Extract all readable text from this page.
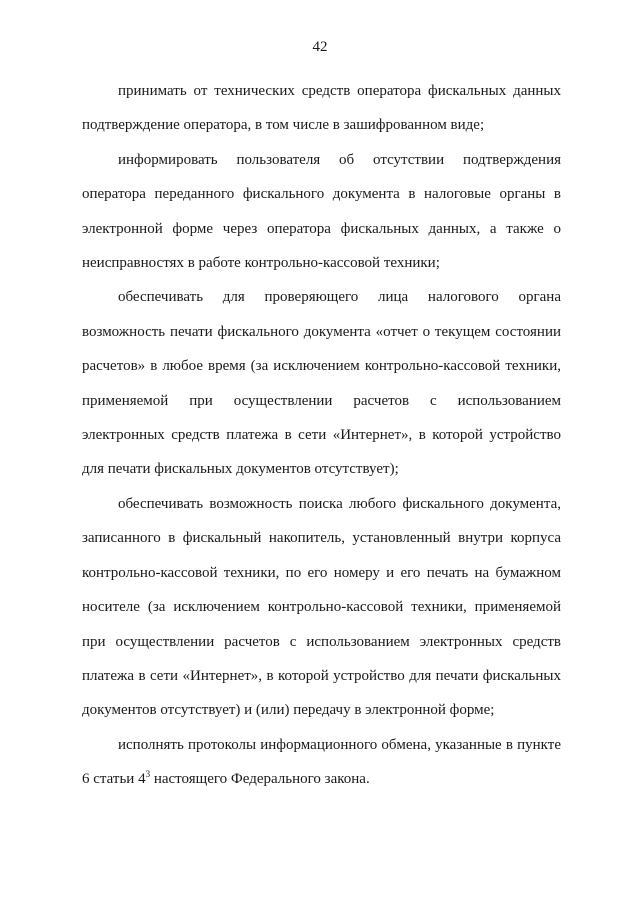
42

принимать от технических средств оператора фискальных данных подтверждение оператора, в том числе в зашифрованном виде;

информировать пользователя об отсутствии подтверждения оператора переданного фискального документа в налоговые органы в электронной форме через оператора фискальных данных, а также о неисправностях в работе контрольно-кассовой техники;

обеспечивать для проверяющего лица налогового органа возможность печати фискального документа «отчет о текущем состоянии расчетов» в любое время (за исключением контрольно-кассовой техники, применяемой при осуществлении расчетов с использованием электронных средств платежа в сети «Интернет», в которой устройство для печати фискальных документов отсутствует);

обеспечивать возможность поиска любого фискального документа, записанного в фискальный накопитель, установленный внутри корпуса контрольно-кассовой техники, по его номеру и его печать на бумажном носителе (за исключением контрольно-кассовой техники, применяемой при осуществлении расчетов с использованием электронных средств платежа в сети «Интернет», в которой устройство для печати фискальных документов отсутствует) и (или) передачу в электронной форме;

исполнять протоколы информационного обмена, указанные в пункте 6 статьи $4^3$ настоящего Федерального закона.
